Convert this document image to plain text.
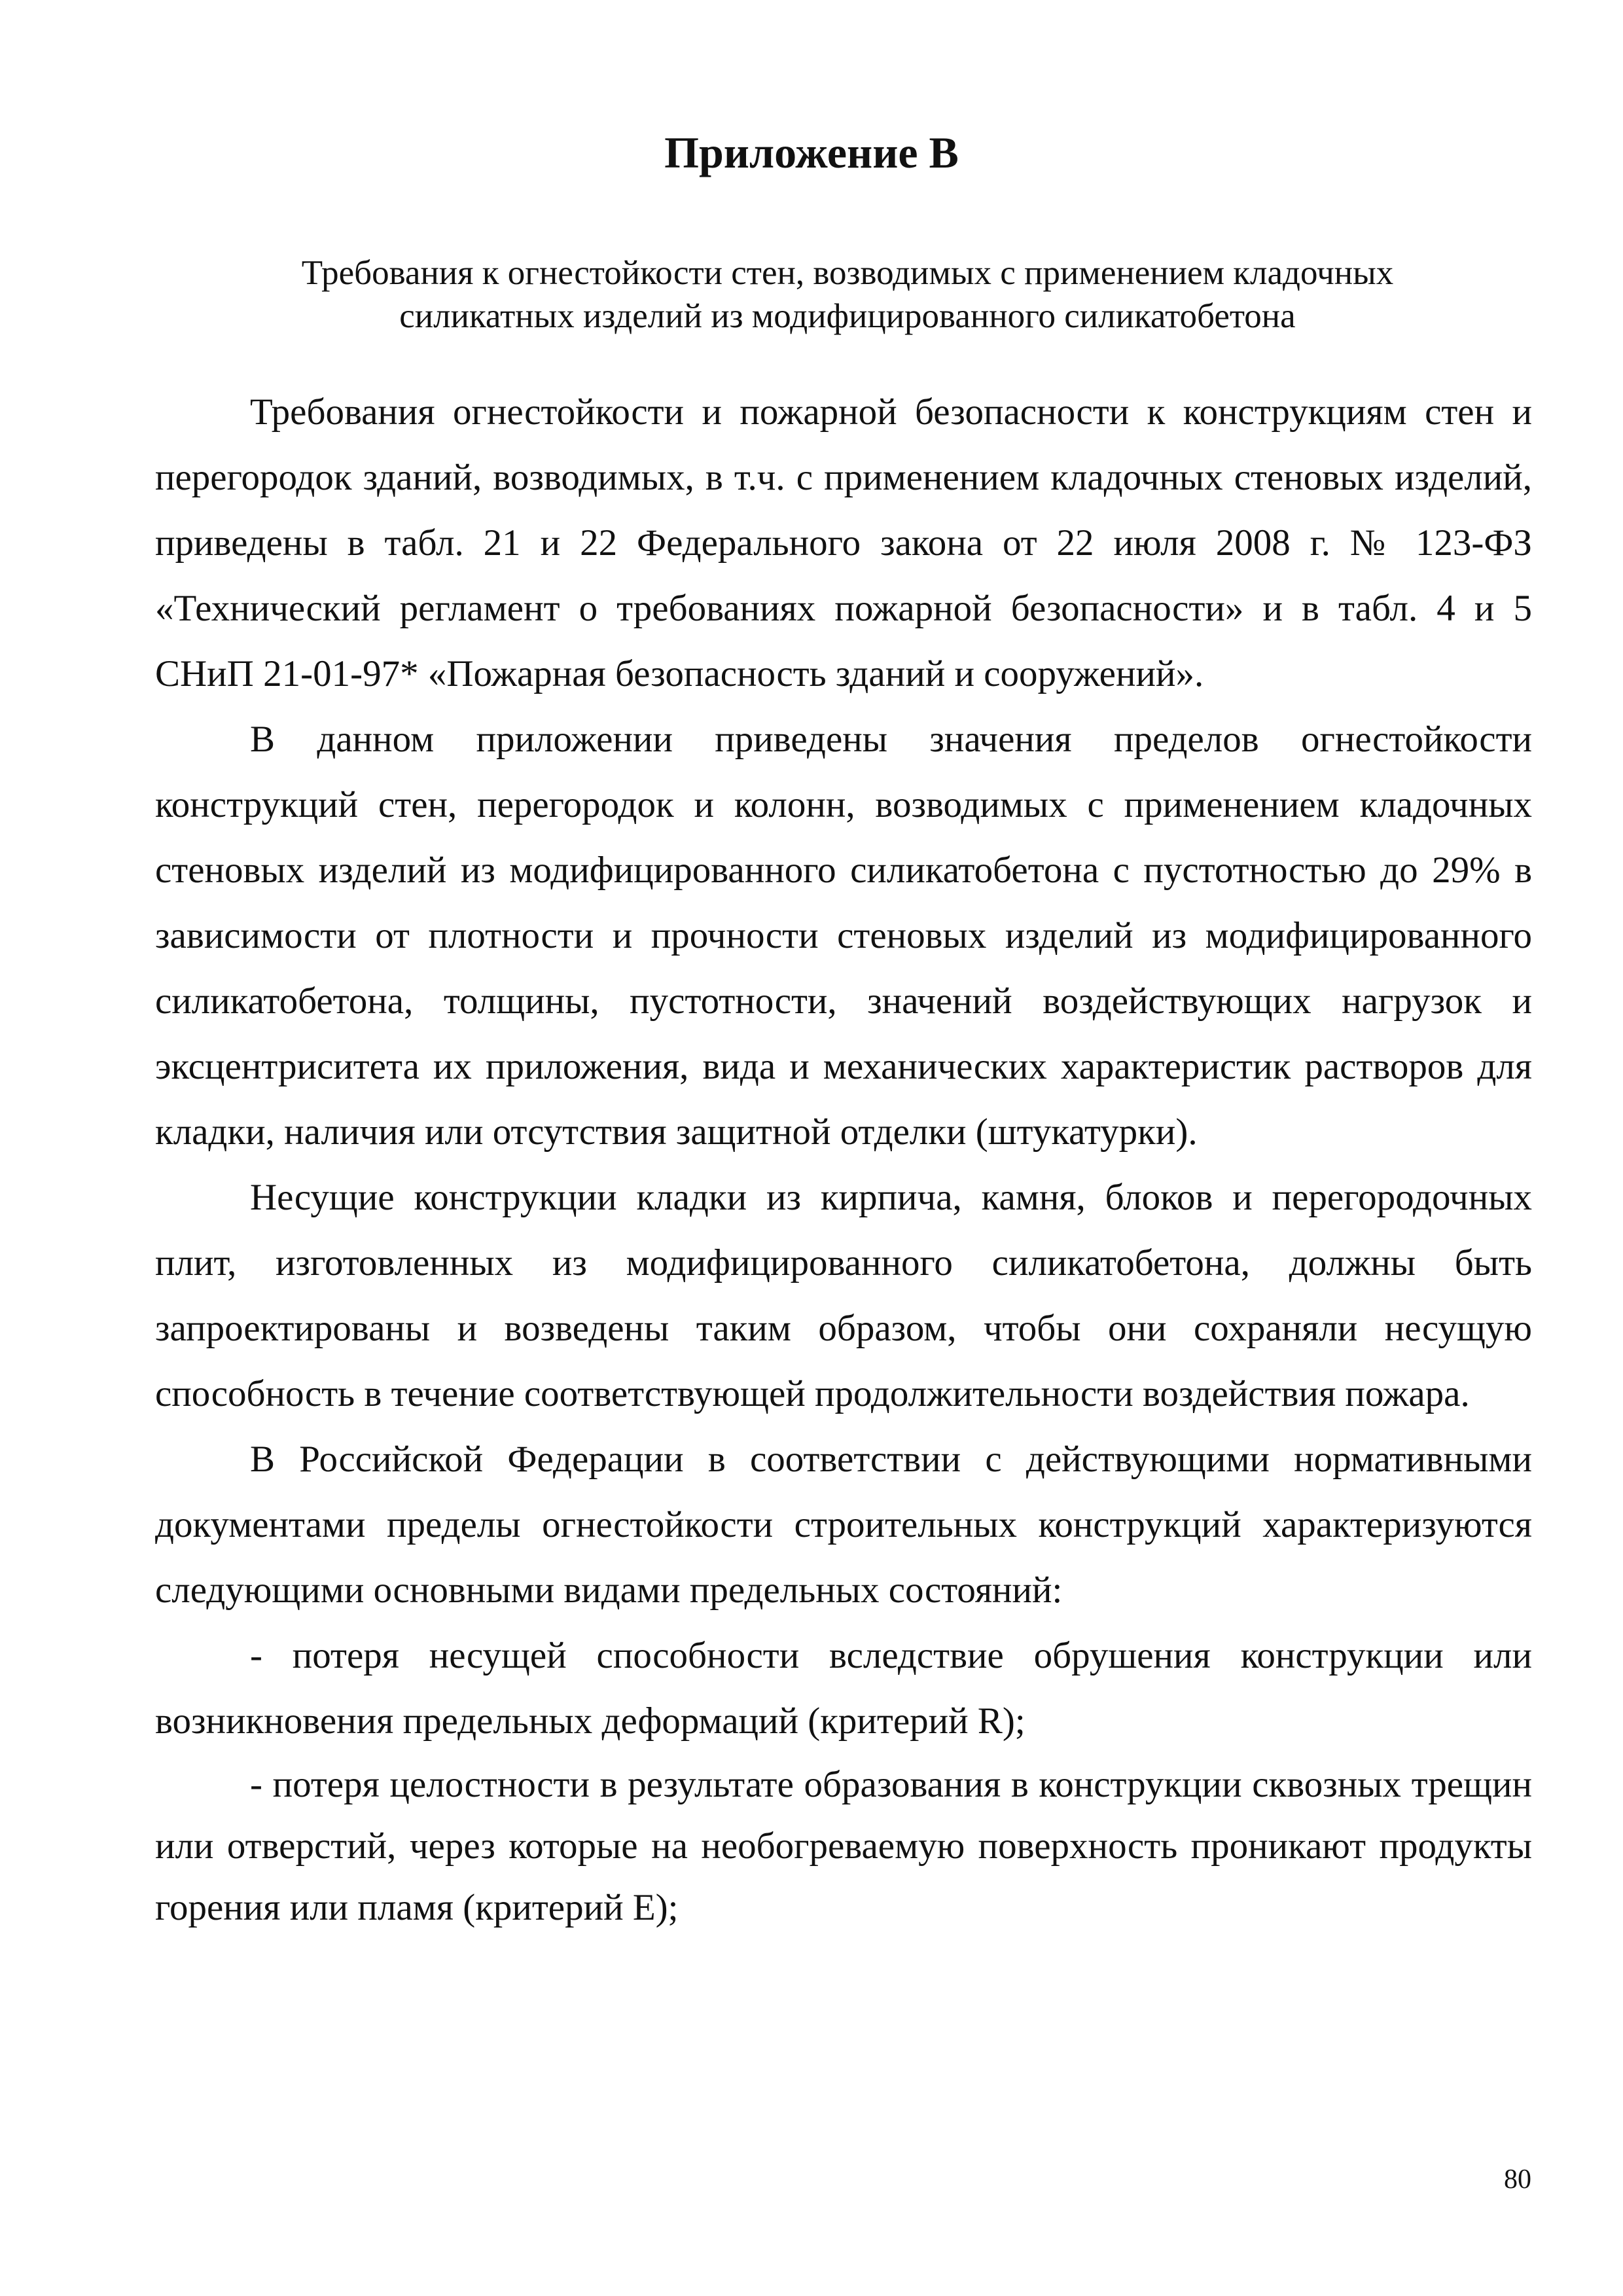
Приложение В
Требования к огнестойкости стен, возводимых с применением кладочных
силикатных изделий из модифицированного силикатобетона

Требования огнестойкости и пожарной безопасности к конструкциям стен и перегородок зданий, возводимых, в т.ч. с применением кладочных стеновых изделий, приведены в табл. 21 и 22 Федерального закона от 22 июля 2008 г. № 123-ФЗ «Технический регламент о требованиях пожарной безопасности» и в табл. 4 и 5 СНиП 21-01-97* «Пожарная безопасность зданий и сооружений».

В данном приложении приведены значения пределов огнестойкости конструкций стен, перегородок и колонн, возводимых с применением кладочных стеновых изделий из модифицированного силикатобетона с пустотностью до 29% в зависимости от плотности и прочности стеновых изделий из модифицированного силикатобетона, толщины, пустотности, значений воздействующих нагрузок и эксцентриситета их приложения, вида и механических характеристик растворов для кладки, наличия или отсутствия защитной отделки (штукатурки).

Несущие конструкции кладки из кирпича, камня, блоков и перегородочных плит, изготовленных из модифицированного силикатобетона, должны быть запроектированы и возведены таким образом, чтобы они сохраняли несущую способность в течение соответствующей продолжительности воздействия пожара.

В Российской Федерации в соответствии с действующими нормативными документами пределы огнестойкости строительных конструкций характеризуются следующими основными видами предельных состояний:

- потеря несущей способности вследствие обрушения конструкции или возникновения предельных деформаций (критерий R);

- потеря целостности в результате образования в конструкции сквозных трещин или отверстий, через которые на необогреваемую поверхность проникают продукты горения или пламя (критерий Е);

80
